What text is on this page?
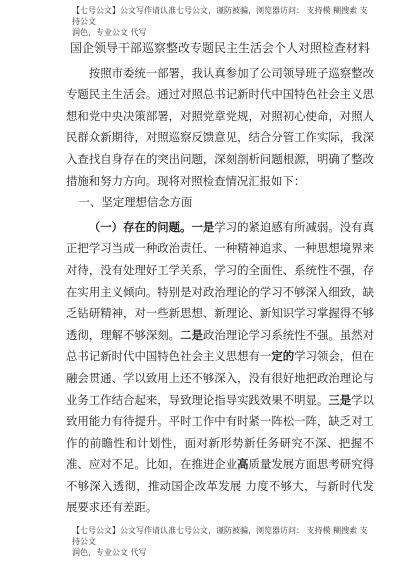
【七号公文】公文写作请认准七号公文，谨防被骗，浏览器访问： 支持模 糊搜索 支持公文
润色，专业公文 代写
国企领导干部巡察整改专题民主生活会个人对照检查材料

按照市委统一部署，我认真参加了公司领导班子巡察整改专题民主生活会。通过对照总书记新时代中国特色社会主义思想和党中央决策部署，对照党章党规，对照初心使命，对照人民群众新期待，对照巡察反馈意见，结合分管工作实际，我深入查找自身存在的突出问题，深刻剖析问题根源，明确了整改措施和努力方向。现将对照检查情况汇报如下：

一、坚定理想信念方面

（一）存在的问题。一是学习的紧迫感有所减弱。没有真正把学习当成一种政治责任、一种精神追求、一种思想境界来对待，没有处理好工学关系，学习的全面性、系统性不强，存在实用主义倾向。特别是对政治理论的学习不够深入细致，缺乏钻研精神，对一些新思想、新理论、新知识学习掌握得不够透彻，理解不够深刻。二是政治理论学习系统性不强。虽然对总书记新时代中国特色社会主义思想有一定的学习领会，但在融会贯通、学以致用上还不够深入，没有很好地把政治理论与业务工作结合起来，导致理论指导实践效果不明显。三是学以致用能力有待提升。平时工作中有时紧一阵松一阵，缺乏对工作的前瞻性和计划性，面对新形势新任务研究不深、把握不准、应对不足。比如，在推进企业高质量发展方面思考研究得不够深入透彻，推动国企改革发展 力度不够大，与新时代发展要求还有差距。

【七号公文】公文写作请认准七号公文，谨防被骗，浏览器访问： 支持模 糊搜索 支持公文
润色，专业公文 代写
